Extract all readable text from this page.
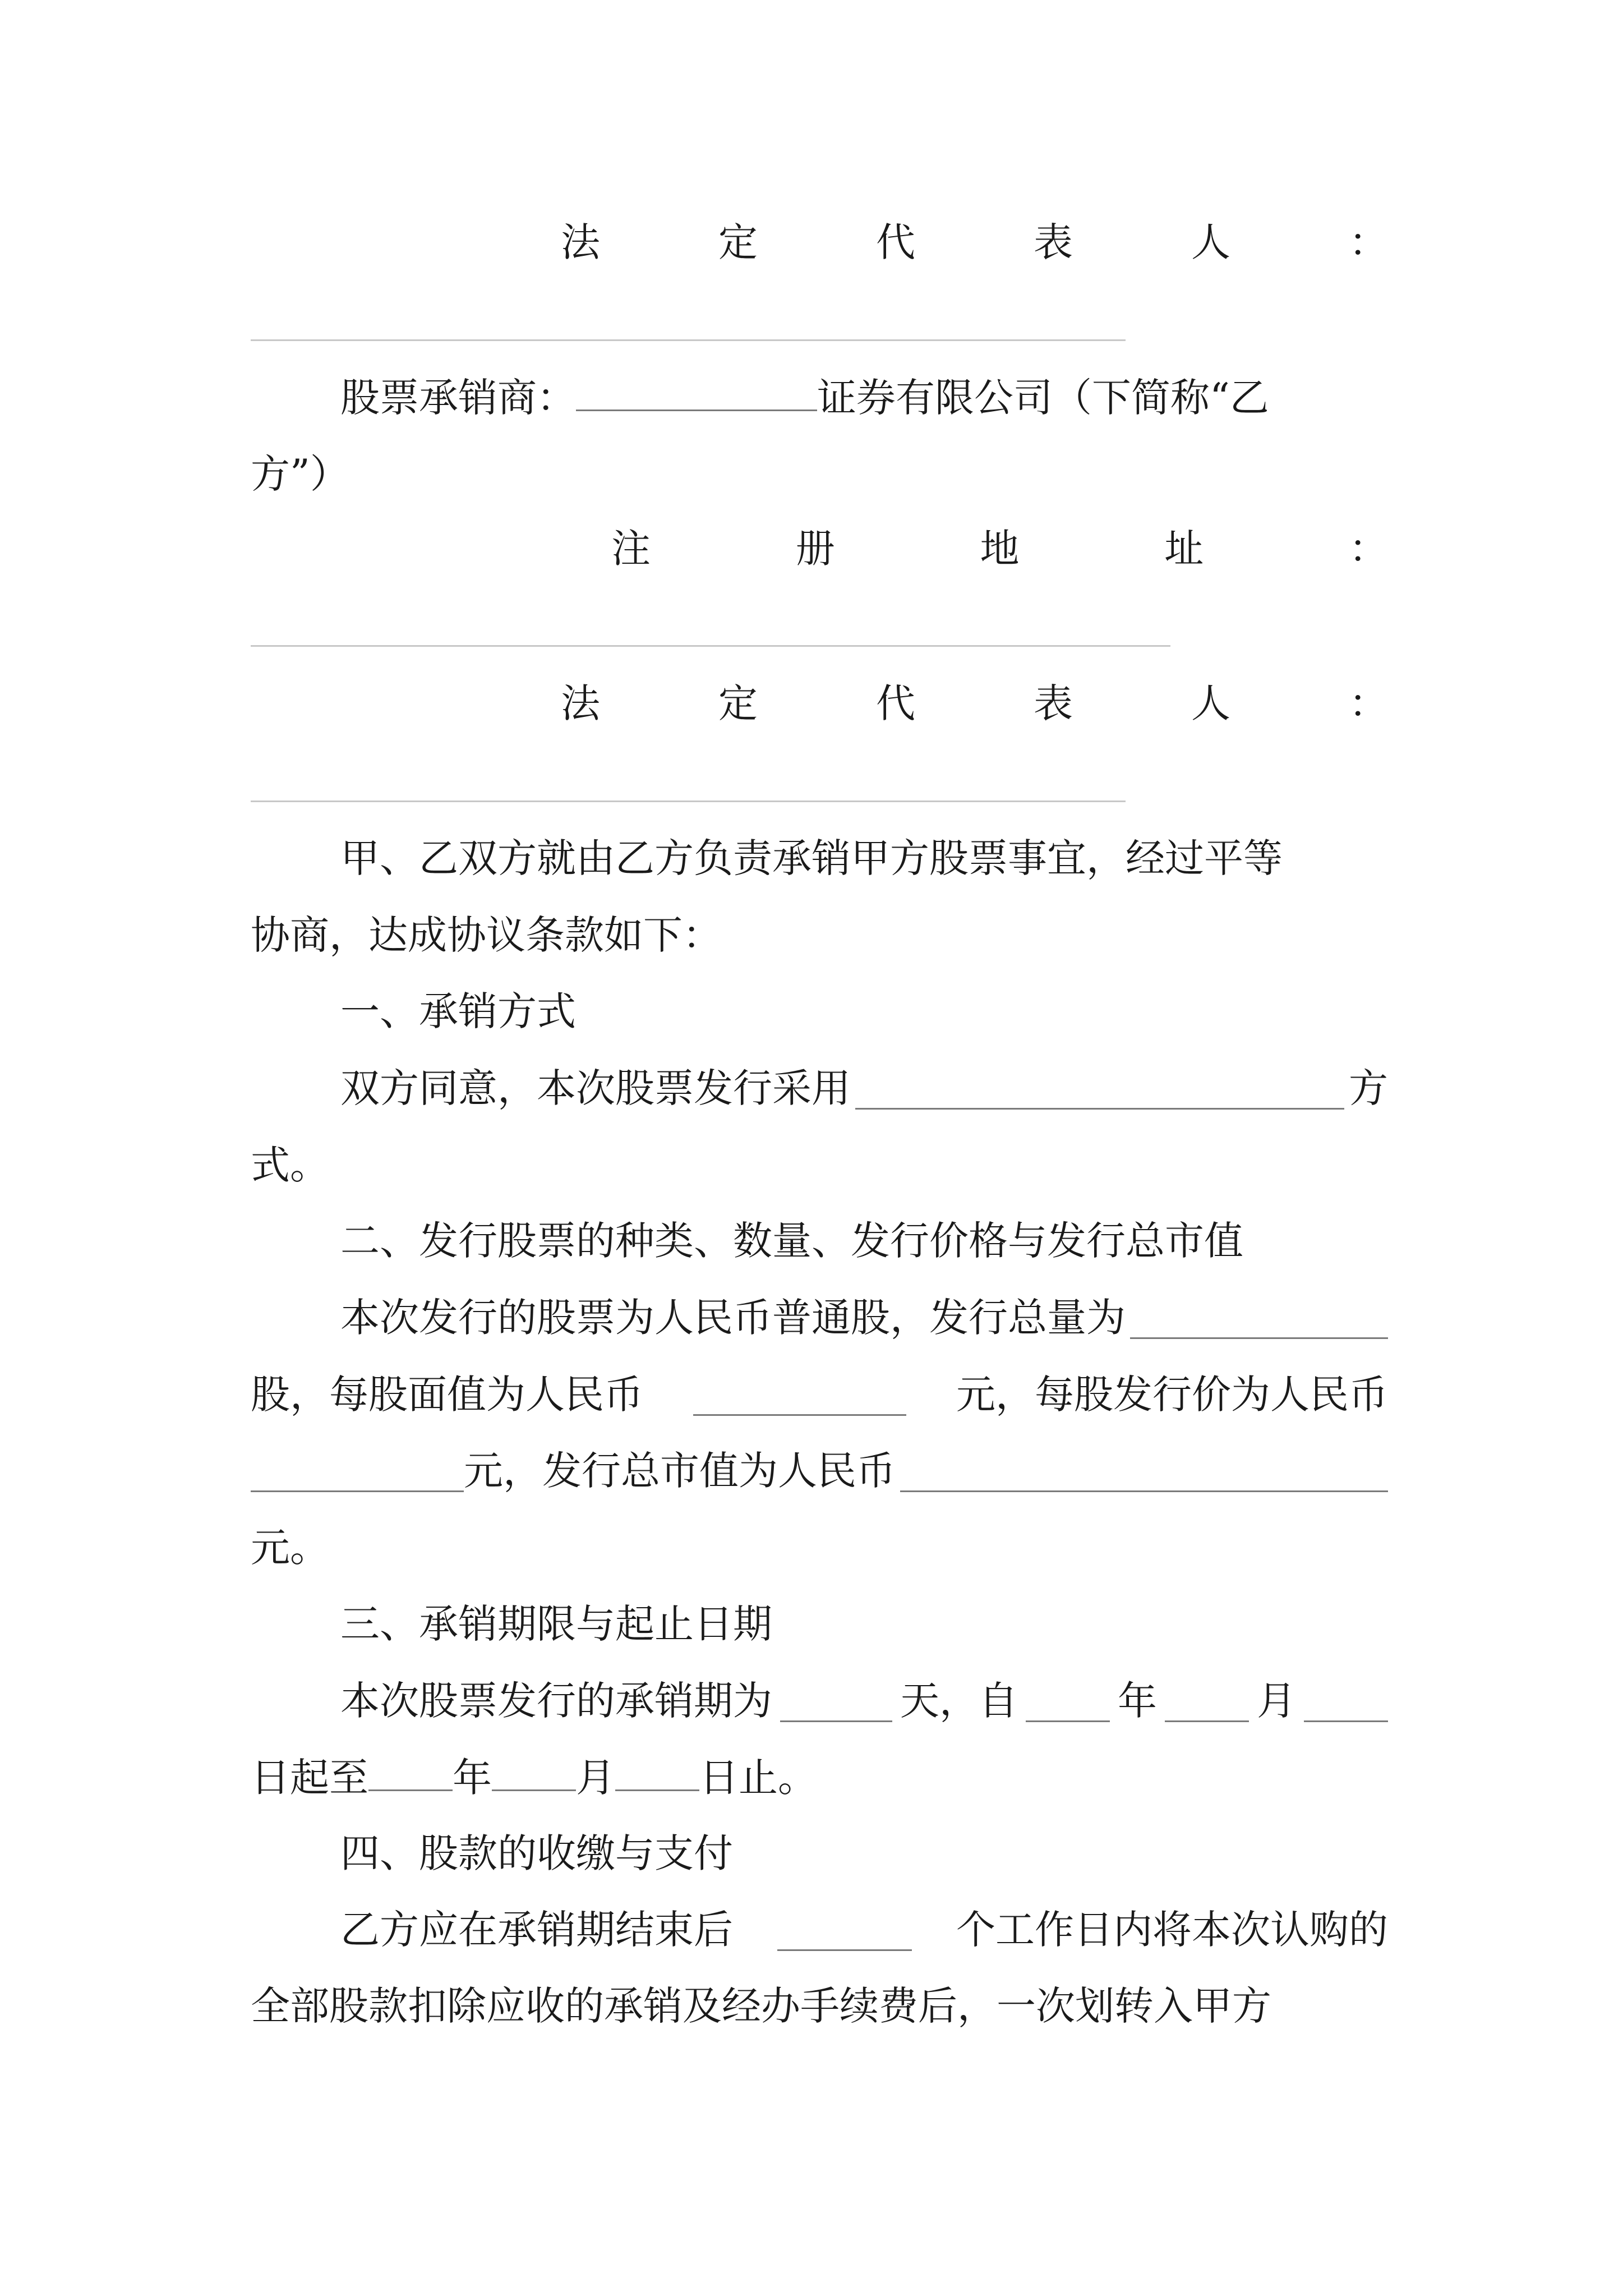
法	定	代	表	人	：
股票承销商：	证券有限公司（下简称“乙
方”）
注	册	地	址	：
法	定	代	表	人	：
甲、乙双方就由乙方负责承销甲方股票事宜，经过平等
协商，达成协议条款如下：
一、承销方式
双方同意，本次股票发行采用	方
式。
二、发行股票的种类、数量、发行价格与发行总市值
本次发行的股票为人民币普通股，发行总量为
股，每股面值为人民币	元，每股发行价为人民币
元，发行总市值为人民币
元。
三、承销期限与起止日期
本次股票发行的承销期为	天，自	年	月
日起至 年 月 日止。
四、股款的收缴与支付
乙方应在承销期结束后	个工作日内将本次认购的
全部股款扣除应收的承销及经办手续费后，一次划转入甲方
